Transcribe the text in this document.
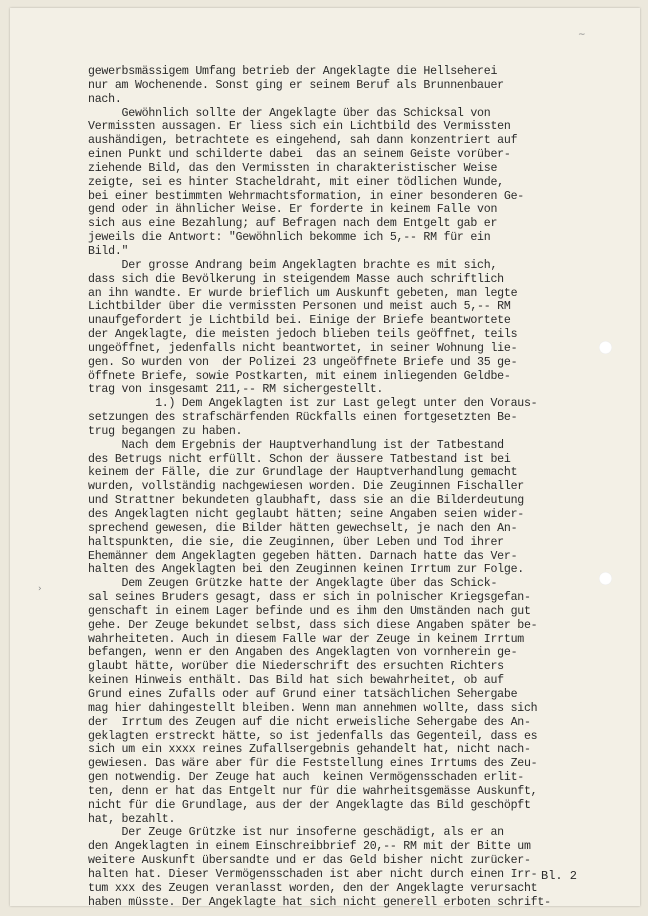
~
›
gewerbsmässigem Umfang betrieb der Angeklagte die Hellseherei
nur am Wochenende. Sonst ging er seinem Beruf als Brunnenbauer
nach.
Gewöhnlich sollte der Angeklagte über das Schicksal von
Vermissten aussagen. Er liess sich ein Lichtbild des Vermissten
aushändigen, betrachtete es eingehend, sah dann konzentriert auf
einen Punkt und schilderte dabei  das an seinem Geiste vorüber-
ziehende Bild, das den Vermissten in charakteristischer Weise
zeigte, sei es hinter Stacheldraht, mit einer tödlichen Wunde,
bei einer bestimmten Wehrmachtsformation, in einer besonderen Ge-
gend oder in ähnlicher Weise. Er forderte in keinem Falle von
sich aus eine Bezahlung; auf Befragen nach dem Entgelt gab er
jeweils die Antwort: "Gewöhnlich bekomme ich 5,-- RM für ein
Bild."
Der grosse Andrang beim Angeklagten brachte es mit sich,
dass sich die Bevölkerung in steigendem Masse auch schriftlich
an ihn wandte. Er wurde brieflich um Auskunft gebeten, man legte
Lichtbilder über die vermissten Personen und meist auch 5,-- RM
unaufgefordert je Lichtbild bei. Einige der Briefe beantwortete
der Angeklagte, die meisten jedoch blieben teils geöffnet, teils
ungeöffnet, jedenfalls nicht beantwortet, in seiner Wohnung lie-
gen. So wurden von  der Polizei 23 ungeöffnete Briefe und 35 ge-
öffnete Briefe, sowie Postkarten, mit einem inliegenden Geldbe-
trag von insgesamt 211,-- RM sichergestellt.
1.) Dem Angeklagten ist zur Last gelegt unter den Voraus-
setzungen des strafschärfenden Rückfalls einen fortgesetzten Be-
trug begangen zu haben.
Nach dem Ergebnis der Hauptverhandlung ist der Tatbestand
des Betrugs nicht erfüllt. Schon der äussere Tatbestand ist bei
keinem der Fälle, die zur Grundlage der Hauptverhandlung gemacht
wurden, vollständig nachgewiesen worden. Die Zeuginnen Fischaller
und Strattner bekundeten glaubhaft, dass sie an die Bilderdeutung
des Angeklagten nicht geglaubt hätten; seine Angaben seien wider-
sprechend gewesen, die Bilder hätten gewechselt, je nach den An-
haltspunkten, die sie, die Zeuginnen, über Leben und Tod ihrer
Ehemänner dem Angeklagten gegeben hätten. Darnach hatte das Ver-
halten des Angeklagten bei den Zeuginnen keinen Irrtum zur Folge.
Dem Zeugen Grützke hatte der Angeklagte über das Schick-
sal seines Bruders gesagt, dass er sich in polnischer Kriegsgefan-
genschaft in einem Lager befinde und es ihm den Umständen nach gut
gehe. Der Zeuge bekundet selbst, dass sich diese Angaben später be-
wahrheiteten. Auch in diesem Falle war der Zeuge in keinem Irrtum
befangen, wenn er den Angaben des Angeklagten von vornherein ge-
glaubt hätte, worüber die Niederschrift des ersuchten Richters
keinen Hinweis enthält. Das Bild hat sich bewahrheitet, ob auf
Grund eines Zufalls oder auf Grund einer tatsächlichen Sehergabe
mag hier dahingestellt bleiben. Wenn man annehmen wollte, dass sich
der  Irrtum des Zeugen auf die nicht erweisliche Sehergabe des An-
geklagten erstreckt hätte, so ist jedenfalls das Gegenteil, dass es
sich um ein xxxx reines Zufallsergebnis gehandelt hat, nicht nach-
gewiesen. Das wäre aber für die Feststellung eines Irrtums des Zeu-
gen notwendig. Der Zeuge hat auch  keinen Vermögensschaden erlit-
ten, denn er hat das Entgelt nur für die wahrheitsgemässe Auskunft,
nicht für die Grundlage, aus der der Angeklagte das Bild geschöpft
hat, bezahlt.
Der Zeuge Grützke ist nur insoferne geschädigt, als er an
den Angeklagten in einem Einschreibbrief 20,-- RM mit der Bitte um
weitere Auskunft übersandte und er das Geld bisher nicht zurücker-
halten hat. Dieser Vermögensschaden ist aber nicht durch einen Irr-
tum xxx des Zeugen veranlasst worden, den der Angeklagte verursacht
haben müsste. Der Angeklagte hat sich nicht generell erboten schrift-
Bl. 2
